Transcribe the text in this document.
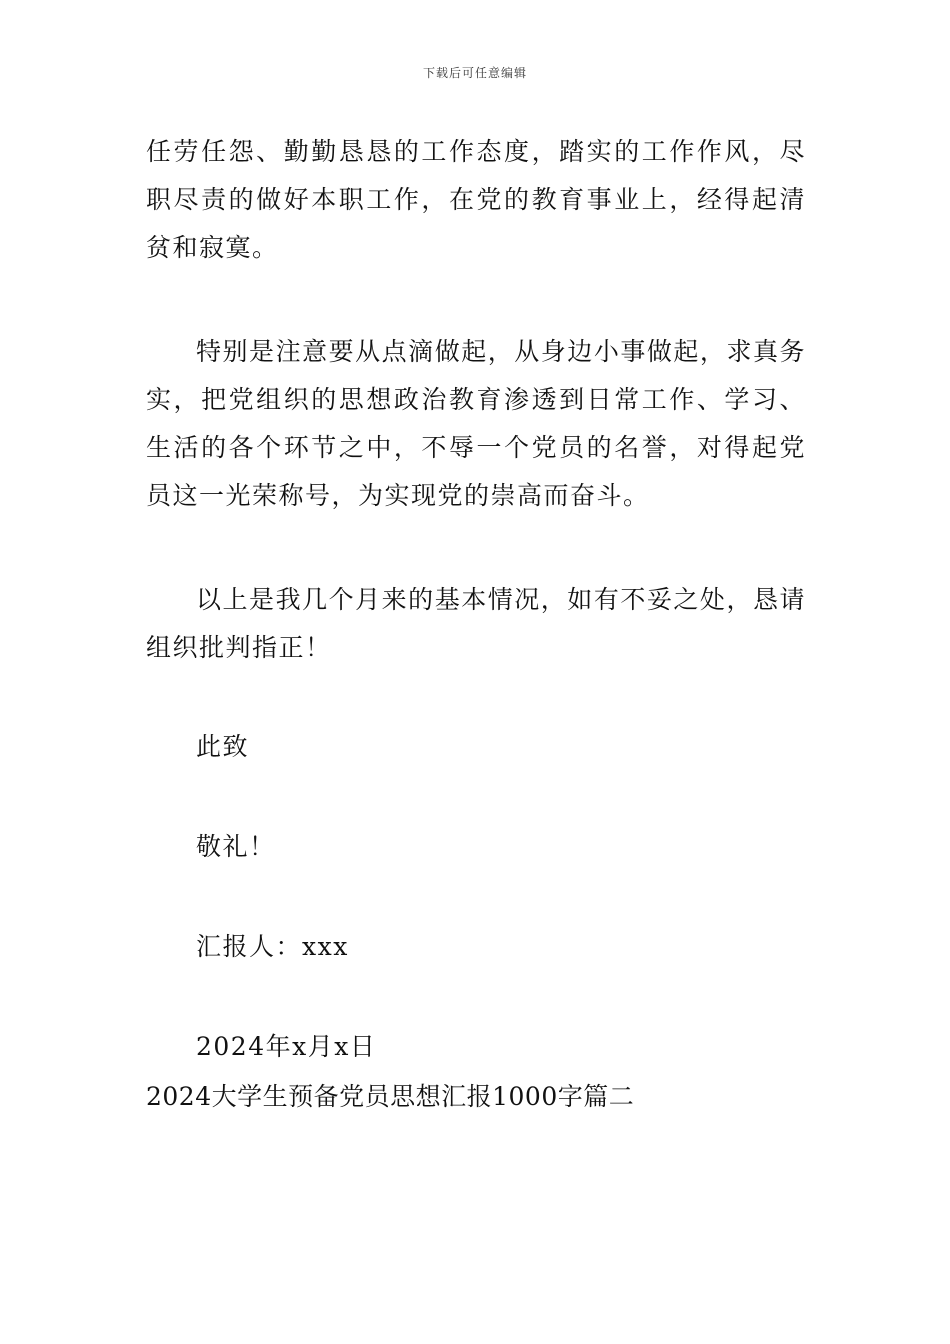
下载后可任意编辑

任劳任怨、勤勤恳恳的工作态度，踏实的工作作风，尽职尽责的做好本职工作，在党的教育事业上，经得起清贫和寂寞。

特别是注意要从点滴做起，从身边小事做起，求真务实，把党组织的思想政治教育渗透到日常工作、学习、生活的各个环节之中，不辱一个党员的名誉，对得起党员这一光荣称号，为实现党的崇高而奋斗。

以上是我几个月来的基本情况，如有不妥之处，恳请组织批判指正！

此致
敬礼！
汇报人：xxx
2024年x月x日
2024大学生预备党员思想汇报1000字篇二
